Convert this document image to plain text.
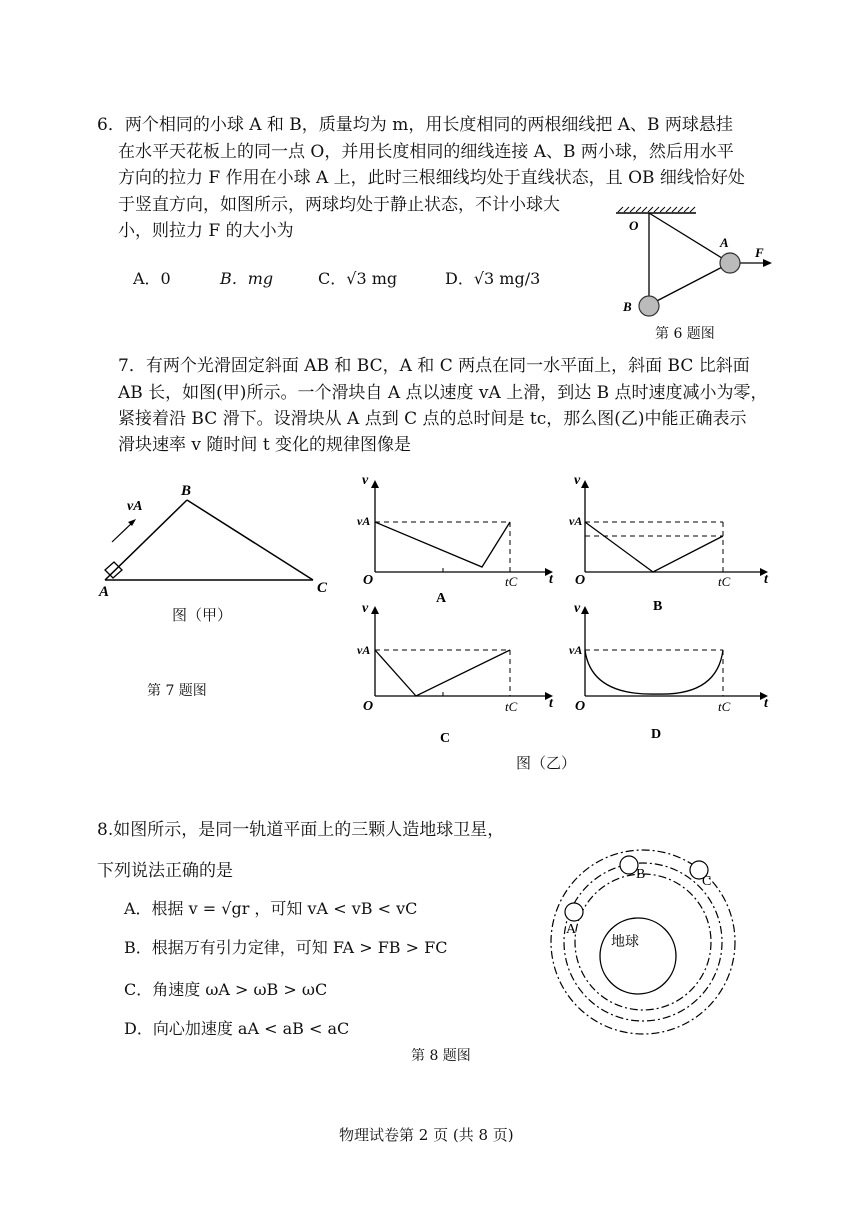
6．两个相同的小球 A 和 B，质量均为 m，用长度相同的两根细线把 A、B 两球悬挂
在水平天花板上的同一点 O，并用长度相同的细线连接 A、B 两小球，然后用水平
方向的拉力 F 作用在小球 A 上，此时三根细线均处于直线状态，且 OB 细线恰好处
于竖直方向，如图所示，两球均处于静止状态，不计小球大
小，则拉力 F 的大小为
A．0	B．mg	C．√3 mg	D．√3 mg/3
O
A
B
F
第 6 题图
7．有两个光滑固定斜面 AB 和 BC，A 和 C 两点在同一水平面上，斜面 BC 比斜面
AB 长，如图(甲)所示。一个滑块自 A 点以速度 vA 上滑，到达 B 点时速度减小为零，
紧接着沿 BC 滑下。设滑块从 A 点到 C 点的总时间是 tc，那么图(乙)中能正确表示
滑块速率 v 随时间 t 变化的规律图像是
vA
B
A	C
图（甲）
第 7 题图
v
vA
O	tC t
A
v
vA
O	tC t
B
v
vA
O	tC t
C
v
vA
O	tC t
D
图（乙）
8.如图所示，是同一轨道平面上的三颗人造地球卫星，
下列说法正确的是
A．根据 v = √gr ，可知 vA < vB < vC
B．根据万有引力定律，可知 FA > FB > FC
C．角速度 ωA > ωB > ωC
D．向心加速度 aA < aB < aC
地球
A
B	C
第 8 题图
物理试卷第 2 页 (共 8 页)
